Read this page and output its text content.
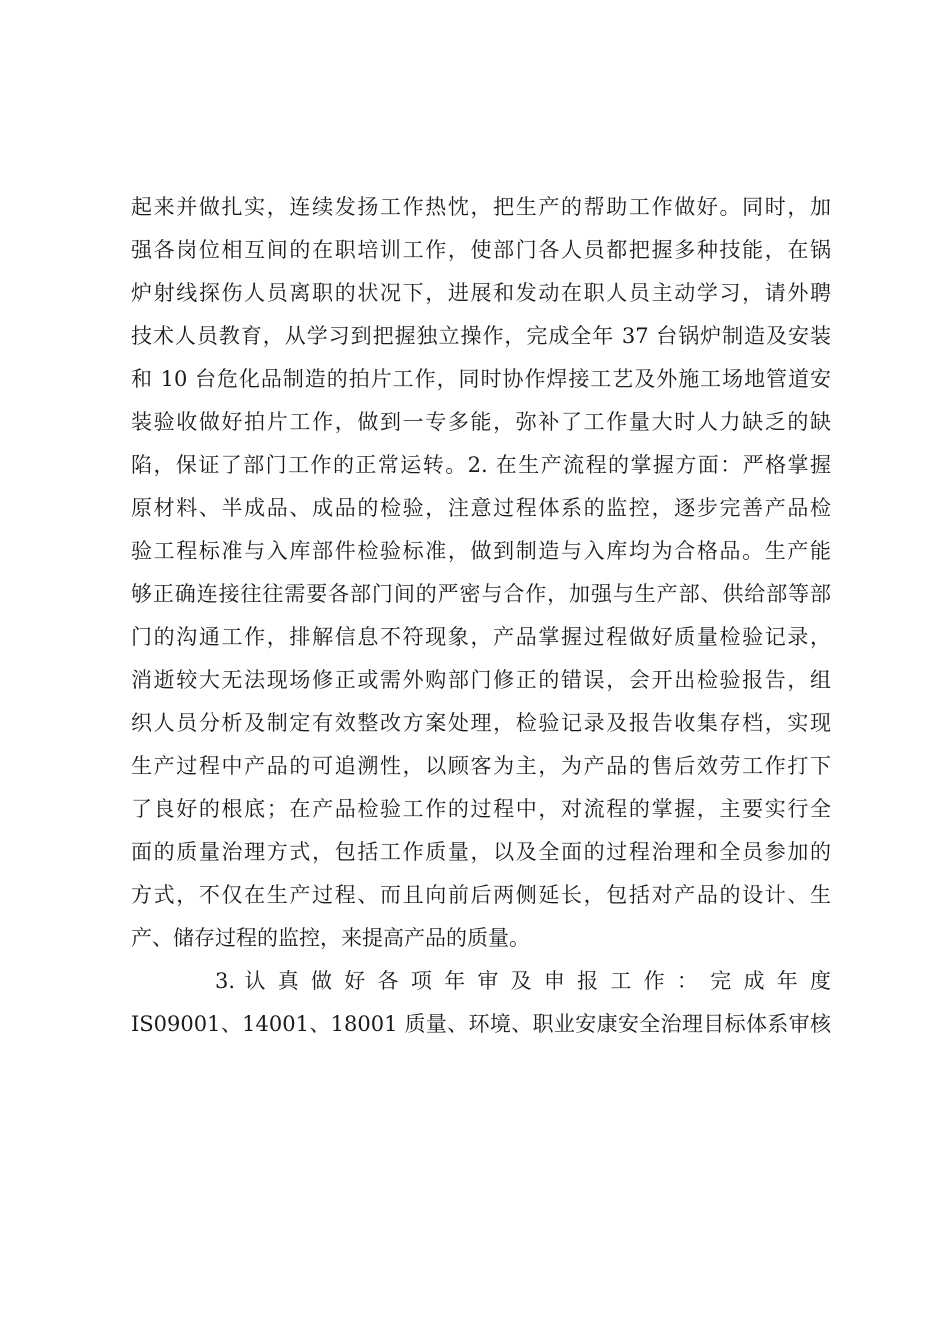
起来并做扎实，连续发扬工作热忱，把生产的帮助工作做好。同时，加
强各岗位相互间的在职培训工作，使部门各人员都把握多种技能，在锅
炉射线探伤人员离职的状况下，进展和发动在职人员主动学习，请外聘
技术人员教育，从学习到把握独立操作，完成全年 37 台锅炉制造及安装
和 10 台危化品制造的拍片工作，同时协作焊接工艺及外施工场地管道安
装验收做好拍片工作，做到一专多能，弥补了工作量大时人力缺乏的缺
陷，保证了部门工作的正常运转。2. 在生产流程的掌握方面：严格掌握
原材料、半成品、成品的检验，注意过程体系的监控，逐步完善产品检
验工程标准与入库部件检验标准，做到制造与入库均为合格品。生产能
够正确连接往往需要各部门间的严密与合作，加强与生产部、供给部等部
门的沟通工作，排解信息不符现象，产品掌握过程做好质量检验记录，
消逝较大无法现场修正或需外购部门修正的错误，会开出检验报告，组
织人员分析及制定有效整改方案处理，检验记录及报告收集存档，实现
生产过程中产品的可追溯性，以顾客为主，为产品的售后效劳工作打下
了良好的根底；在产品检验工作的过程中，对流程的掌握，主要实行全
面的质量治理方式，包括工作质量，以及全面的过程治理和全员参加的
方式，不仅在生产过程、而且向前后两侧延长，包括对产品的设计、生
产、储存过程的监控，来提高产品的质量。
3. 认 真 做 好 各 项 年 审 及 申 报 工 作 ： 完 成 年 度
IS09001、14001、18001 质量、环境、职业安康安全治理目标体系审核
